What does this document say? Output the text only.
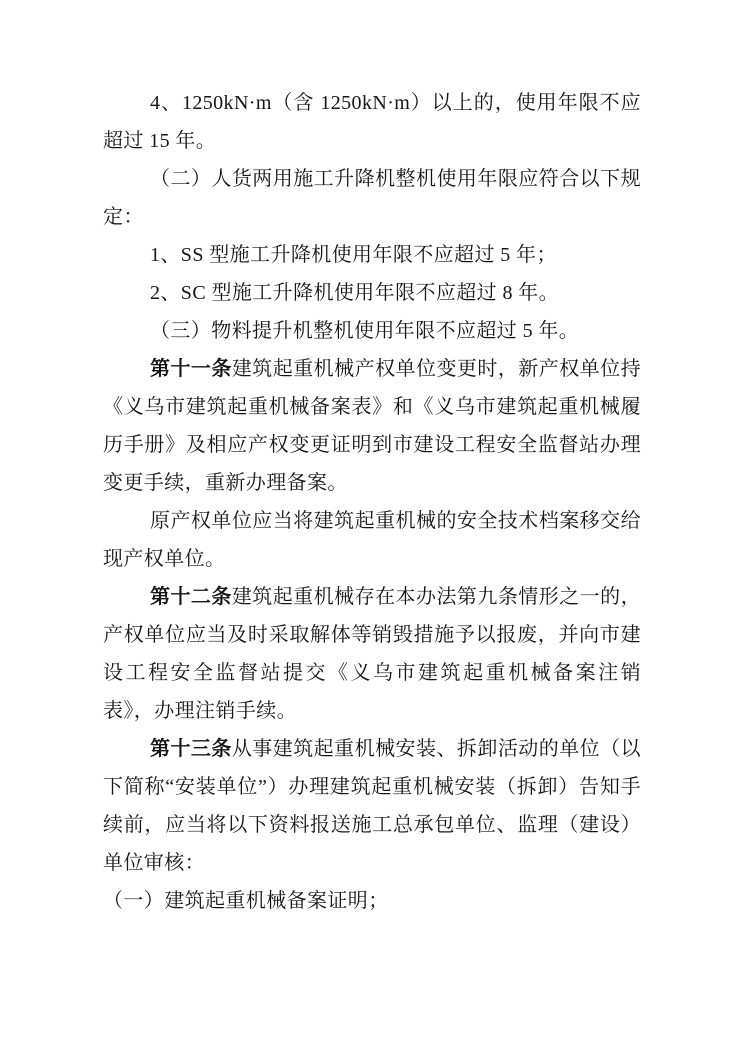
4、1250kN·m（含 1250kN·m）以上的，使用年限不应超过 15 年。

（二）人货两用施工升降机整机使用年限应符合以下规定：

1、SS 型施工升降机使用年限不应超过 5 年；

2、SC 型施工升降机使用年限不应超过 8 年。

（三）物料提升机整机使用年限不应超过 5 年。

第十一条建筑起重机械产权单位变更时，新产权单位持《义乌市建筑起重机械备案表》和《义乌市建筑起重机械履历手册》及相应产权变更证明到市建设工程安全监督站办理变更手续，重新办理备案。

原产权单位应当将建筑起重机械的安全技术档案移交给现产权单位。

第十二条建筑起重机械存在本办法第九条情形之一的，产权单位应当及时采取解体等销毁措施予以报废，并向市建设工程安全监督站提交《义乌市建筑起重机械备案注销表》，办理注销手续。

第十三条从事建筑起重机械安装、拆卸活动的单位（以下简称“安装单位”）办理建筑起重机械安装（拆卸）告知手续前，应当将以下资料报送施工总承包单位、监理（建设）单位审核：

（一）建筑起重机械备案证明；
